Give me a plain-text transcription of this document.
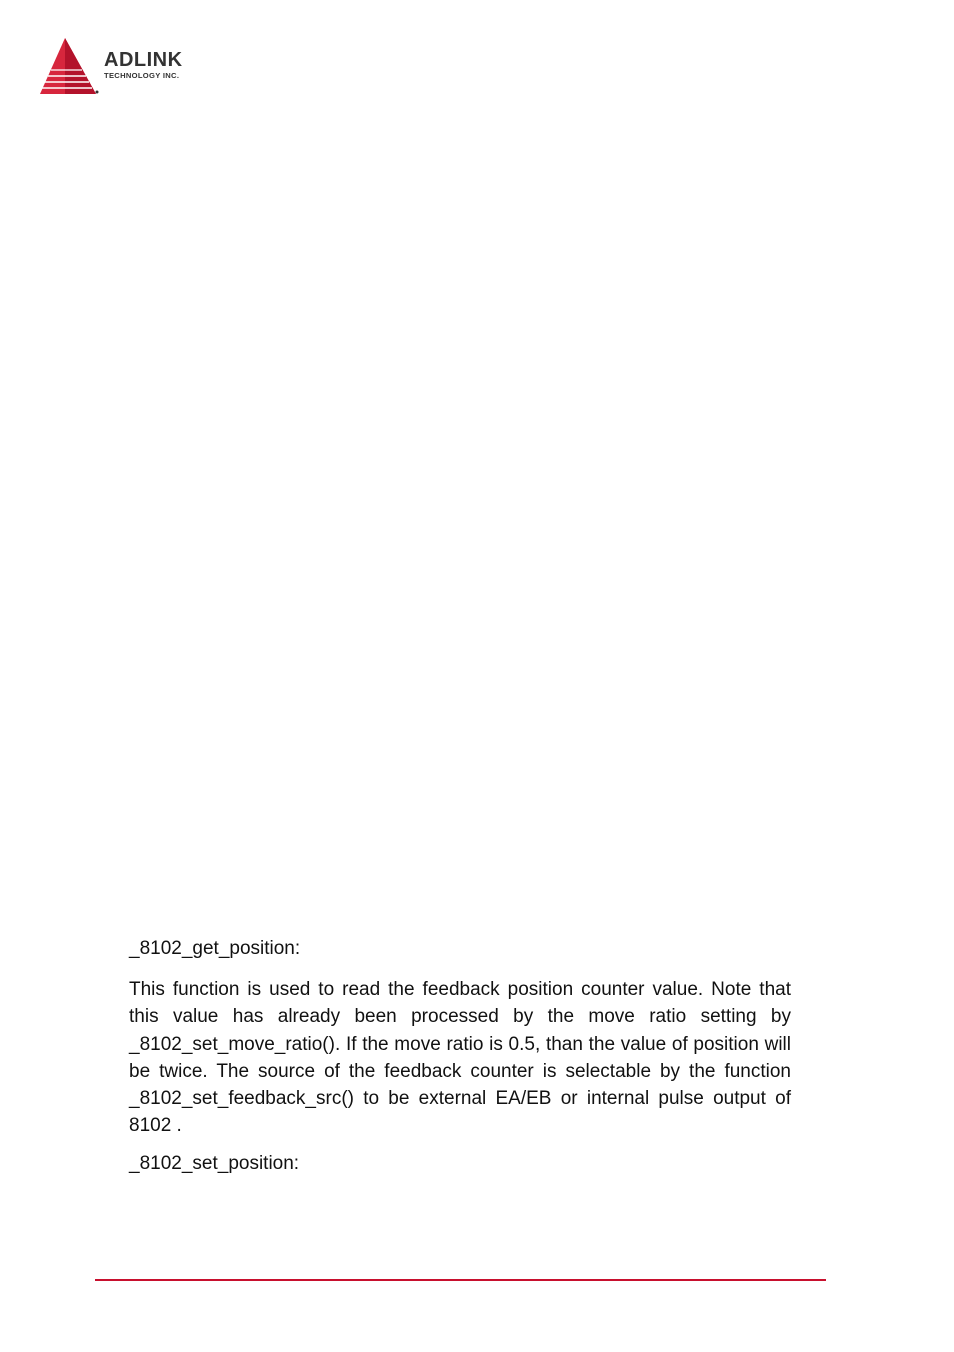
ADLINK
TECHNOLOGY INC.

_8102_get_position:

This function is used to read the feedback position counter value. Note that this value has already been processed by the move ratio setting by _8102_set_move_ratio(). If the move ratio is 0.5, than the value of position will be twice. The source of the feedback counter is selectable by the function _8102_set_feedback_src() to be external EA/EB or internal pulse output of 8102 .

_8102_set_position:
